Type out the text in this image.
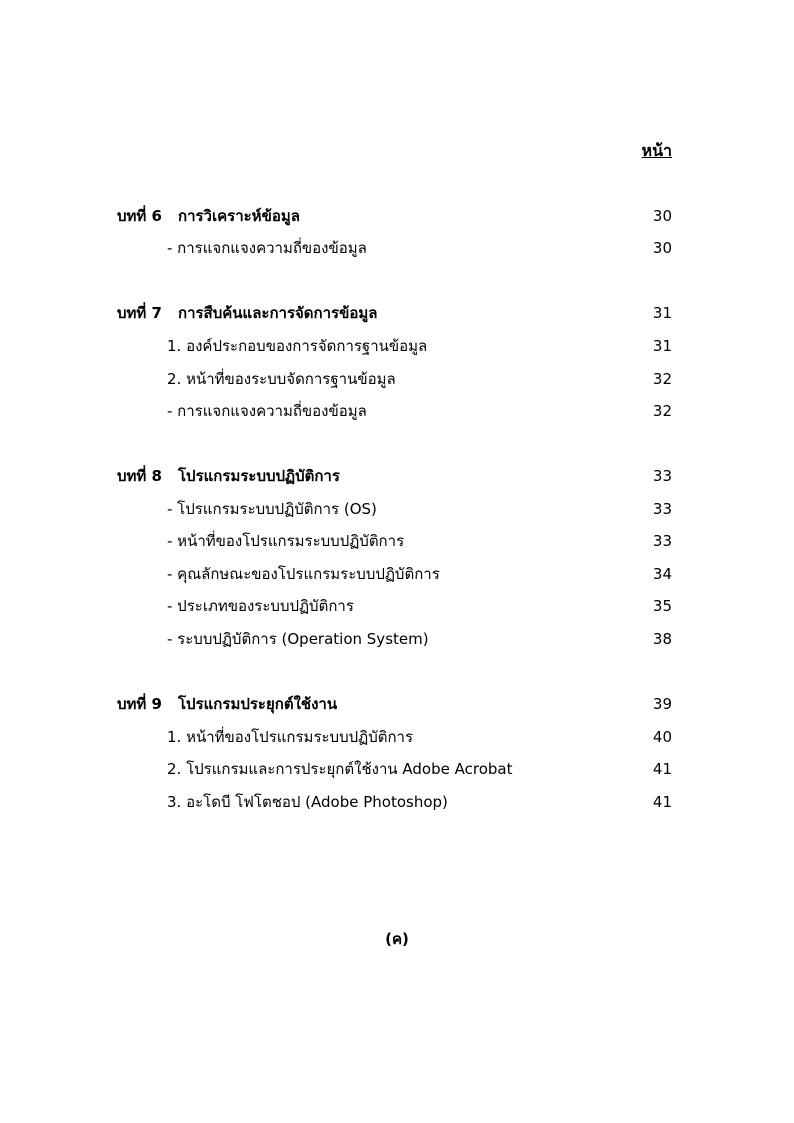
หน้า
บทที่ 6 การวิเคราะห์ข้อมูล	30
- การแจกแจงความถี่ของข้อมูล	30
บทที่ 7 การสืบค้นและการจัดการข้อมูล	31
1. องค์ประกอบของการจัดการฐานข้อมูล	31
2. หน้าที่ของระบบจัดการฐานข้อมูล	32
- การแจกแจงความถี่ของข้อมูล	32
บทที่ 8 โปรแกรมระบบปฏิบัติการ	33
- โปรแกรมระบบปฏิบัติการ (OS)	33
- หน้าที่ของโปรแกรมระบบปฏิบัติการ	33
- คุณลักษณะของโปรแกรมระบบปฏิบัติการ	34
- ประเภทของระบบปฏิบัติการ	35
- ระบบปฏิบัติการ (Operation System)	38
บทที่ 9 โปรแกรมประยุกต์ใช้งาน	39
1. หน้าที่ของโปรแกรมระบบปฏิบัติการ	40
2. โปรแกรมและการประยุกต์ใช้งาน Adobe Acrobat	41
3. อะโดบี โฟโตชอป (Adobe Photoshop)	41
(ค)
